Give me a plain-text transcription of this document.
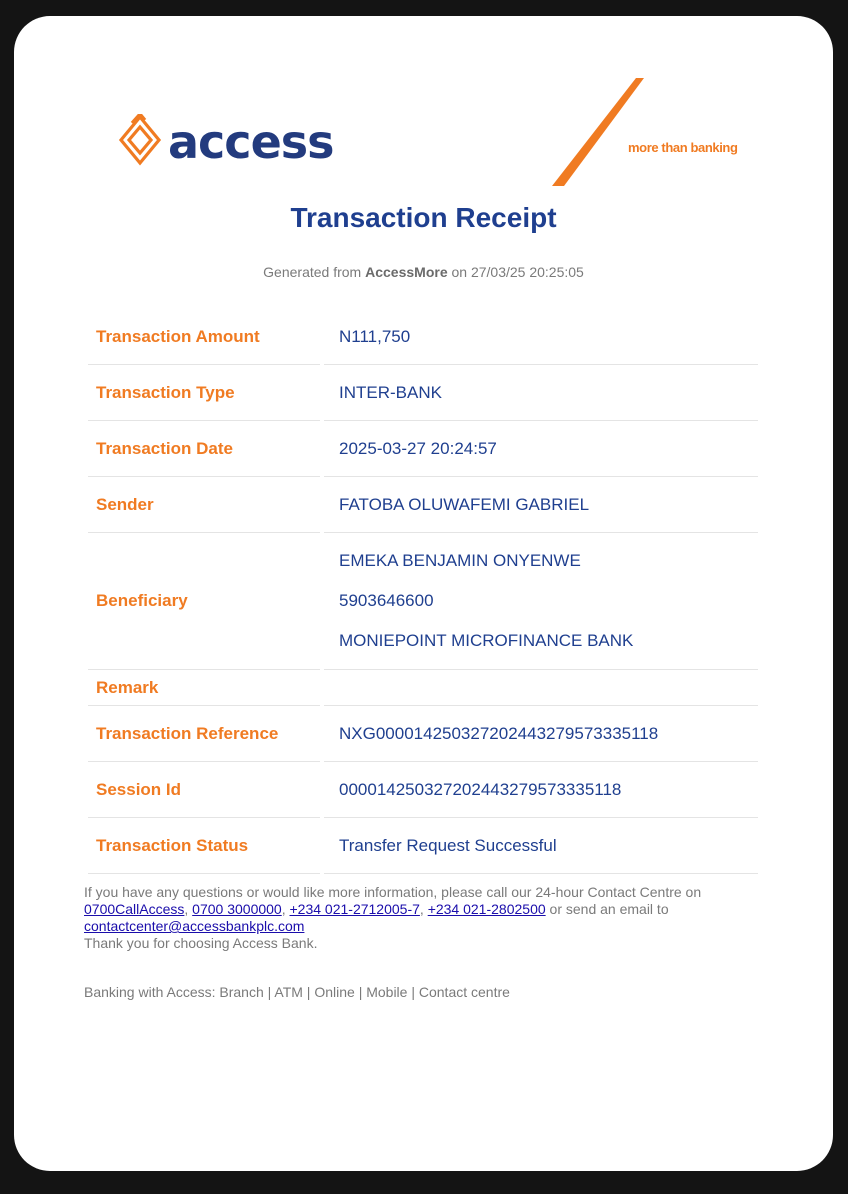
access	more than banking
Transaction Receipt
Generated from AccessMore on 27/03/25 20:25:05
Transaction Amount	N111,750
Transaction Type	INTER-BANK
Transaction Date	2025-03-27 20:24:57
Sender	FATOBA OLUWAFEMI GABRIEL
Beneficiary	EMEKA BENJAMIN ONYENWE
5903646600
MONIEPOINT MICROFINANCE BANK

Remark	
Transaction Reference	NXG000014250327202443279573335118
Session Id	000014250327202443279573335118
Transaction Status	Transfer Request Successful
If you have any questions or would like more information, please call our 24-hour Contact Centre on
0700CallAccess, 0700 3000000, +234 021-2712005-7, +234 021-2802500 or send an email to
contactcenter@accessbankplc.com
Thank you for choosing Access Bank.
Banking with Access: Branch | ATM | Online | Mobile | Contact centre
